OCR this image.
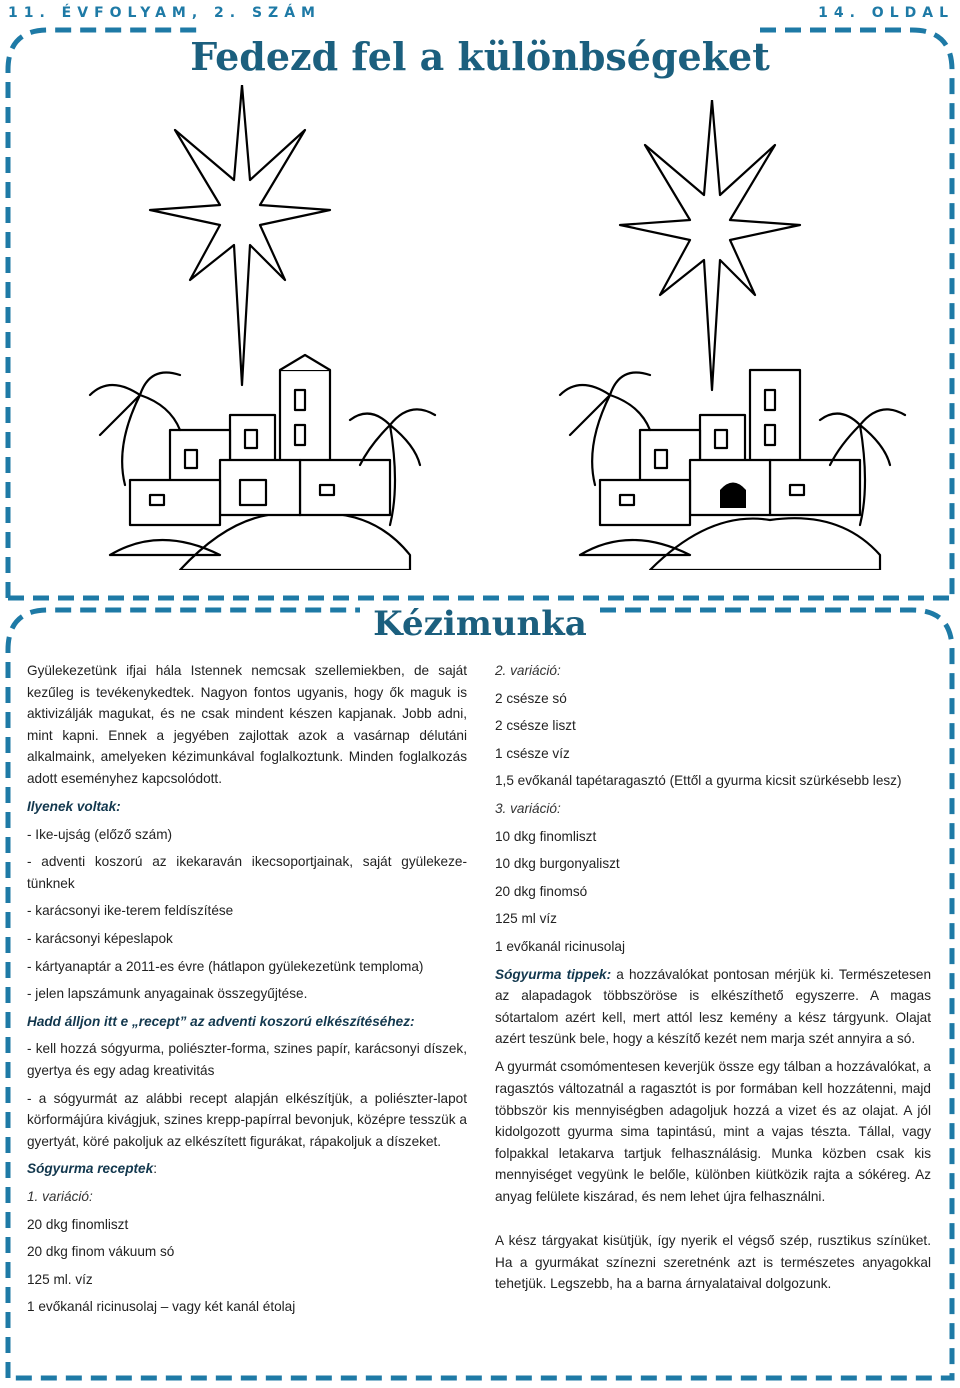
11. ÉVFOLYAM, 2. SZÁM	14. OLDAL
Fedezd fel a különbségeket
Kézimunka

Gyülekezetünk ifjai hála Istennek nemcsak szellemiekben, de saját kezűleg is tevékenykedtek. Nagyon fontos ugyanis, hogy ők maguk is aktivizálják magukat, és ne csak mindent készen kapjanak. Jobb adni, mint kapni. Ennek a jegyében zajlottak azok a vasárnap délutáni alkalmaink, amelyeken kézimunkával foglalkoztunk. Minden foglalkozás adott eseményhez kapcsolódott.

Ilyenek voltak:

- Ike-ujság (előző szám)

- adventi koszorú az ikekaraván ikecsoportjainak, saját gyülekeze-tünknek

- karácsonyi ike-terem feldíszítése

- karácsonyi képeslapok

- kártyanaptár a 2011-es évre (hátlapon gyülekezetünk temploma)

- jelen lapszámunk anyagainak összegyűjtése.

Hadd álljon itt e „recept” az adventi koszorú elkészítéséhez:

- kell hozzá sógyurma, poliészter-forma, szines papír, karácsonyi díszek, gyertya és egy adag kreativitás

- a sógyurmát az alábbi recept alapján elkészítjük, a poliészter-lapot körformájúra kivágjuk, szines krepp-papírral bevonjuk, középre tesszük a gyertyát, köré pakoljuk az elkészített figurákat, rápakoljuk a díszeket.

Sógyurma receptek:

1. variáció:

20 dkg finomliszt

20 dkg finom vákuum só

125 ml. víz

1 evőkanál ricinusolaj – vagy két kanál étolaj

2. variáció:

2 csésze só

2 csésze liszt

1 csésze víz

1,5 evőkanál tapétaragasztó (Ettől a gyurma kicsit szürkésebb lesz)

3. variáció:

10 dkg finomliszt

10 dkg burgonyaliszt

20 dkg finomsó

125 ml víz

1 evőkanál ricinusolaj

Sógyurma tippek: a hozzávalókat pontosan mérjük ki. Természetesen az alapadagok többszöröse is elkészíthető egyszerre. A magas sótartalom azért kell, mert attól lesz kemény a kész tárgyunk. Olajat azért teszünk bele, hogy a készítő kezét nem marja szét annyira a só.

A gyurmát csomómentesen keverjük össze egy tálban a hozzávalókat, a ragasztós változatnál a ragasztót is por formában kell hozzátenni, majd többször kis mennyiségben adagoljuk hozzá a vizet és az olajat. A jól kidolgozott gyurma sima tapintású, mint a vajas tészta. Tállal, vagy folpakkal letakarva tartjuk felhasználásig. Munka közben csak kis mennyiséget vegyünk le belőle, különben kiütközik rajta a sókéreg. Az anyag felülete kiszárad, és nem lehet újra felhasználni.

A kész tárgyakat kisütjük, így nyerik el végső szép, rusztikus színüket. Ha a gyurmákat színezni szeretnénk azt is természetes anyagokkal tehetjük. Legszebb, ha a barna árnyalataival dolgozunk.
